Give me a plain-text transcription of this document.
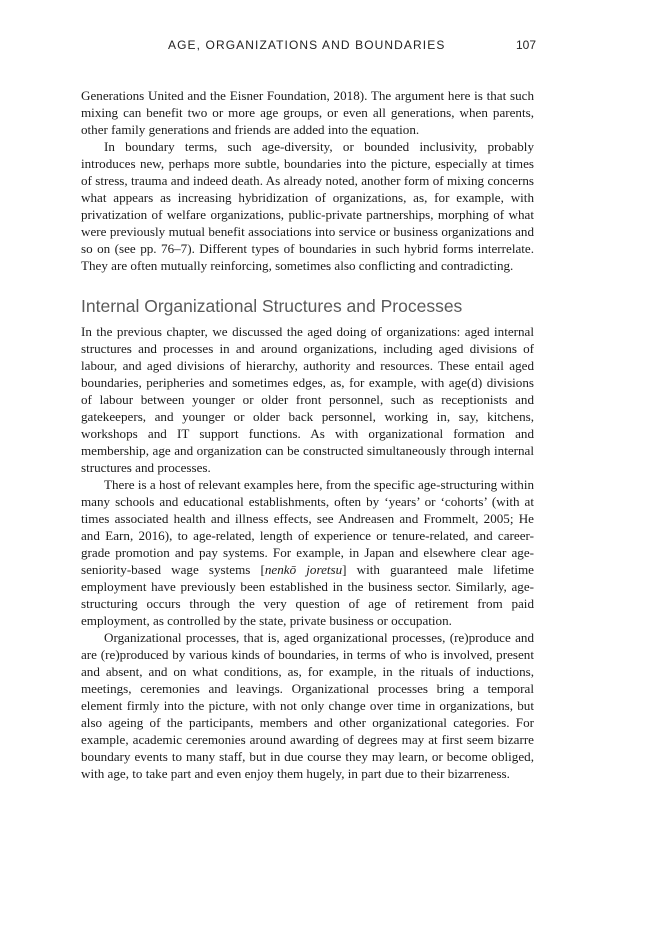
AGE, ORGANIZATIONS AND BOUNDARIES	107

Generations United and the Eisner Foundation, 2018). The argument here is that such mixing can benefit two or more age groups, or even all generations, when parents, other family generations and friends are added into the equation.

In boundary terms, such age-diversity, or bounded inclusivity, probably introduces new, perhaps more subtle, boundaries into the picture, especially at times of stress, trauma and indeed death. As already noted, another form of mixing concerns what appears as increasing hybridization of organizations, as, for example, with privatization of welfare organizations, public-private partnerships, morphing of what were previously mutual benefit associations into service or business organizations and so on (see pp. 76–7). Different types of boundaries in such hybrid forms interrelate. They are often mutually reinforcing, sometimes also conflicting and contradicting.

Internal Organizational Structures and Processes

In the previous chapter, we discussed the aged doing of organizations: aged internal structures and processes in and around organizations, including aged divisions of labour, and aged divisions of hierarchy, authority and resources. These entail aged boundaries, peripheries and sometimes edges, as, for example, with age(d) divisions of labour between younger or older front personnel, such as receptionists and gatekeepers, and younger or older back personnel, working in, say, kitchens, workshops and IT support functions. As with organizational formation and membership, age and organization can be constructed simultaneously through internal structures and processes.

There is a host of relevant examples here, from the specific age-structuring within many schools and educational establishments, often by ‘years’ or ‘cohorts’ (with at times associated health and illness effects, see Andreasen and Frommelt, 2005; He and Earn, 2016), to age-related, length of experience or tenure-related, and career-grade promotion and pay systems. For example, in Japan and elsewhere clear age-seniority-based wage systems [nenkō joretsu] with guaranteed male lifetime employment have previously been established in the business sector. Similarly, age-structuring occurs through the very question of age of retirement from paid employment, as controlled by the state, private business or occupation.

Organizational processes, that is, aged organizational processes, (re)produce and are (re)produced by various kinds of boundaries, in terms of who is involved, present and absent, and on what conditions, as, for example, in the rituals of inductions, meetings, ceremonies and leavings. Organizational processes bring a temporal element firmly into the picture, with not only change over time in organizations, but also ageing of the participants, members and other organizational categories. For example, academic ceremonies around awarding of degrees may at first seem bizarre boundary events to many staff, but in due course they may learn, or become obliged, with age, to take part and even enjoy them hugely, in part due to their bizarreness.
